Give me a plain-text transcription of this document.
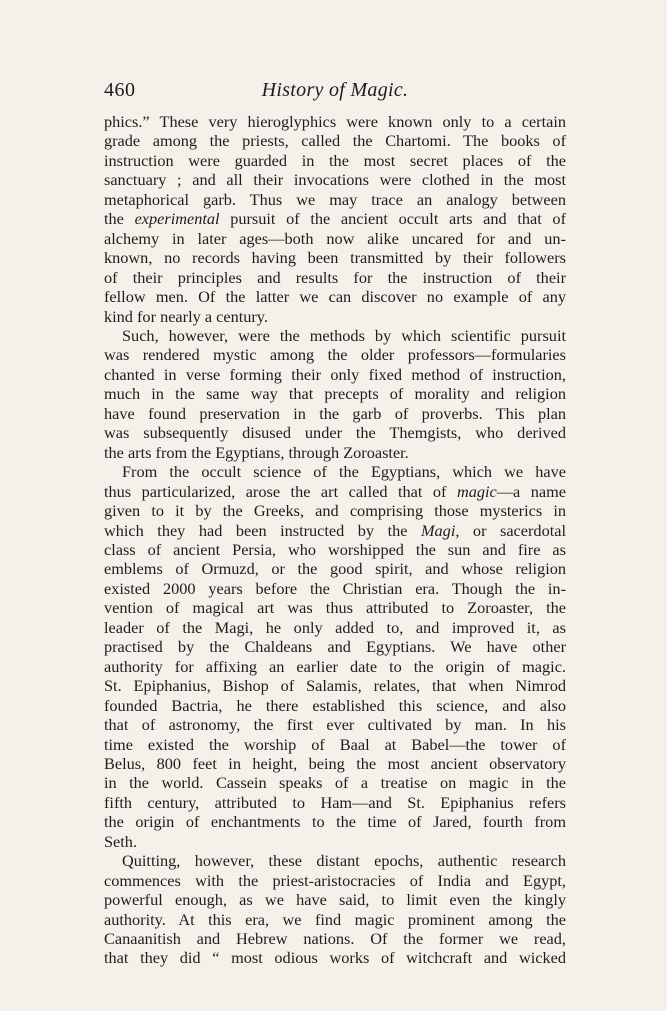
460	History of Magic.
phics.” These very hieroglyphics were known only to a certain
grade among the priests, called the Chartomi. The books of
instruction were guarded in the most secret places of the
sanctuary ; and all their invocations were clothed in the most
metaphorical garb. Thus we may trace an analogy between
the experimental pursuit of the ancient occult arts and that of
alchemy in later ages—both now alike uncared for and un-
known, no records having been transmitted by their followers
of their principles and results for the instruction of their
fellow men. Of the latter we can discover no example of any
kind for nearly a century.
Such, however, were the methods by which scientific pursuit
was rendered mystic among the older professors—formularies
chanted in verse forming their only fixed method of instruction,
much in the same way that precepts of morality and religion
have found preservation in the garb of proverbs. This plan
was subsequently disused under the Themgists, who derived
the arts from the Egyptians, through Zoroaster.
From the occult science of the Egyptians, which we have
thus particularized, arose the art called that of magic—a name
given to it by the Greeks, and comprising those mysterics in
which they had been instructed by the Magi, or sacerdotal
class of ancient Persia, who worshipped the sun and fire as
emblems of Ormuzd, or the good spirit, and whose religion
existed 2000 years before the Christian era. Though the in-
vention of magical art was thus attributed to Zoroaster, the
leader of the Magi, he only added to, and improved it, as
practised by the Chaldeans and Egyptians. We have other
authority for affixing an earlier date to the origin of magic.
St. Epiphanius, Bishop of Salamis, relates, that when Nimrod
founded Bactria, he there established this science, and also
that of astronomy, the first ever cultivated by man. In his
time existed the worship of Baal at Babel—the tower of
Belus, 800 feet in height, being the most ancient observatory
in the world. Cassein speaks of a treatise on magic in the
fifth century, attributed to Ham—and St. Epiphanius refers
the origin of enchantments to the time of Jared, fourth from
Seth.
Quitting, however, these distant epochs, authentic research
commences with the priest-aristocracies of India and Egypt,
powerful enough, as we have said, to limit even the kingly
authority. At this era, we find magic prominent among the
Canaanitish and Hebrew nations. Of the former we read,
that they did “ most odious works of witchcraft and wicked
